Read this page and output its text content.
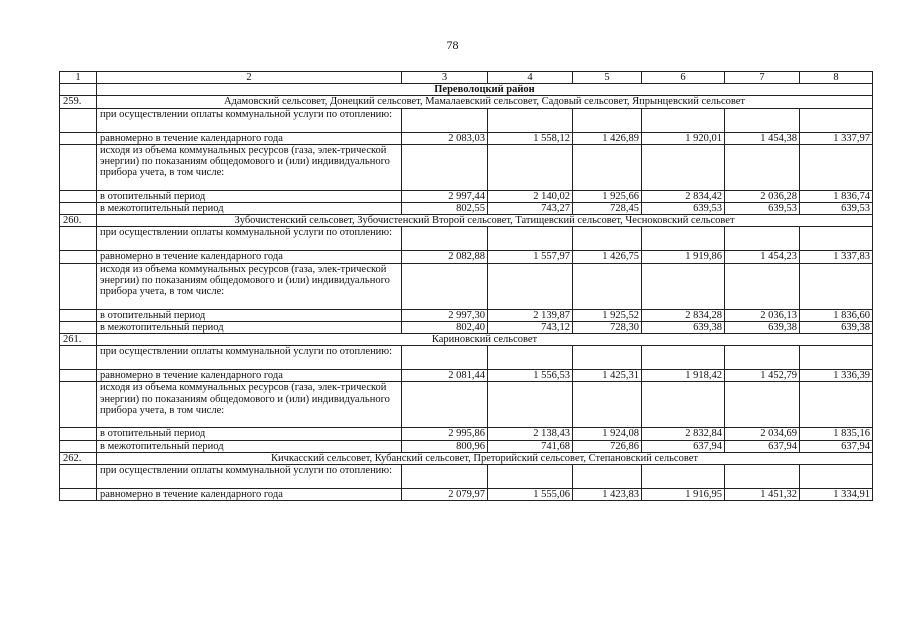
78
1	2	3	4	5	6	7	8
	Переволоцкий район						
259.	Адамовский сельсовет, Донецкий сельсовет, Мамалаевский сельсовет, Садовый сельсовет, Япрынцевский сельсовет						
	при осуществлении оплаты коммунальной услуги по отоплению:						
	равномерно в течение календарного года	2 083,03	1 558,12	1 426,89	1 920,01	1 454,38	1 337,97
	исходя из объема коммунальных ресурсов (газа, элек-трической энергии) по показаниям общедомового и (или) индивидуального прибора учета, в том числе:						
	в отопительный период	2 997,44	2 140,02	1 925,66	2 834,42	2 036,28	1 836,74
	в межотопительный период	802,55	743,27	728,45	639,53	639,53	639,53
260.	Зубочистенский сельсовет, Зубочистенский Второй сельсовет, Татищевский сельсовет, Чесноковский сельсовет						
	при осуществлении оплаты коммунальной услуги по отоплению:						
	равномерно в течение календарного года	2 082,88	1 557,97	1 426,75	1 919,86	1 454,23	1 337,83
	исходя из объема коммунальных ресурсов (газа, элек-трической энергии) по показаниям общедомового и (или) индивидуального прибора учета, в том числе:						
	в отопительный период	2 997,30	2 139,87	1 925,52	2 834,28	2 036,13	1 836,60
	в межотопительный период	802,40	743,12	728,30	639,38	639,38	639,38
261.	Кариновский сельсовет						
	при осуществлении оплаты коммунальной услуги по отоплению:						
	равномерно в течение календарного года	2 081,44	1 556,53	1 425,31	1 918,42	1 452,79	1 336,39
	исходя из объема коммунальных ресурсов (газа, элек-трической энергии) по показаниям общедомового и (или) индивидуального прибора учета, в том числе:						
	в отопительный период	2 995,86	2 138,43	1 924,08	2 832,84	2 034,69	1 835,16
	в межотопительный период	800,96	741,68	726,86	637,94	637,94	637,94
262.	Кичкасский сельсовет, Кубанский сельсовет, Преторийский сельсовет, Степановский сельсовет						
	при осуществлении оплаты коммунальной услуги по отоплению:						
	равномерно в течение календарного года	2 079,97	1 555,06	1 423,83	1 916,95	1 451,32	1 334,91
